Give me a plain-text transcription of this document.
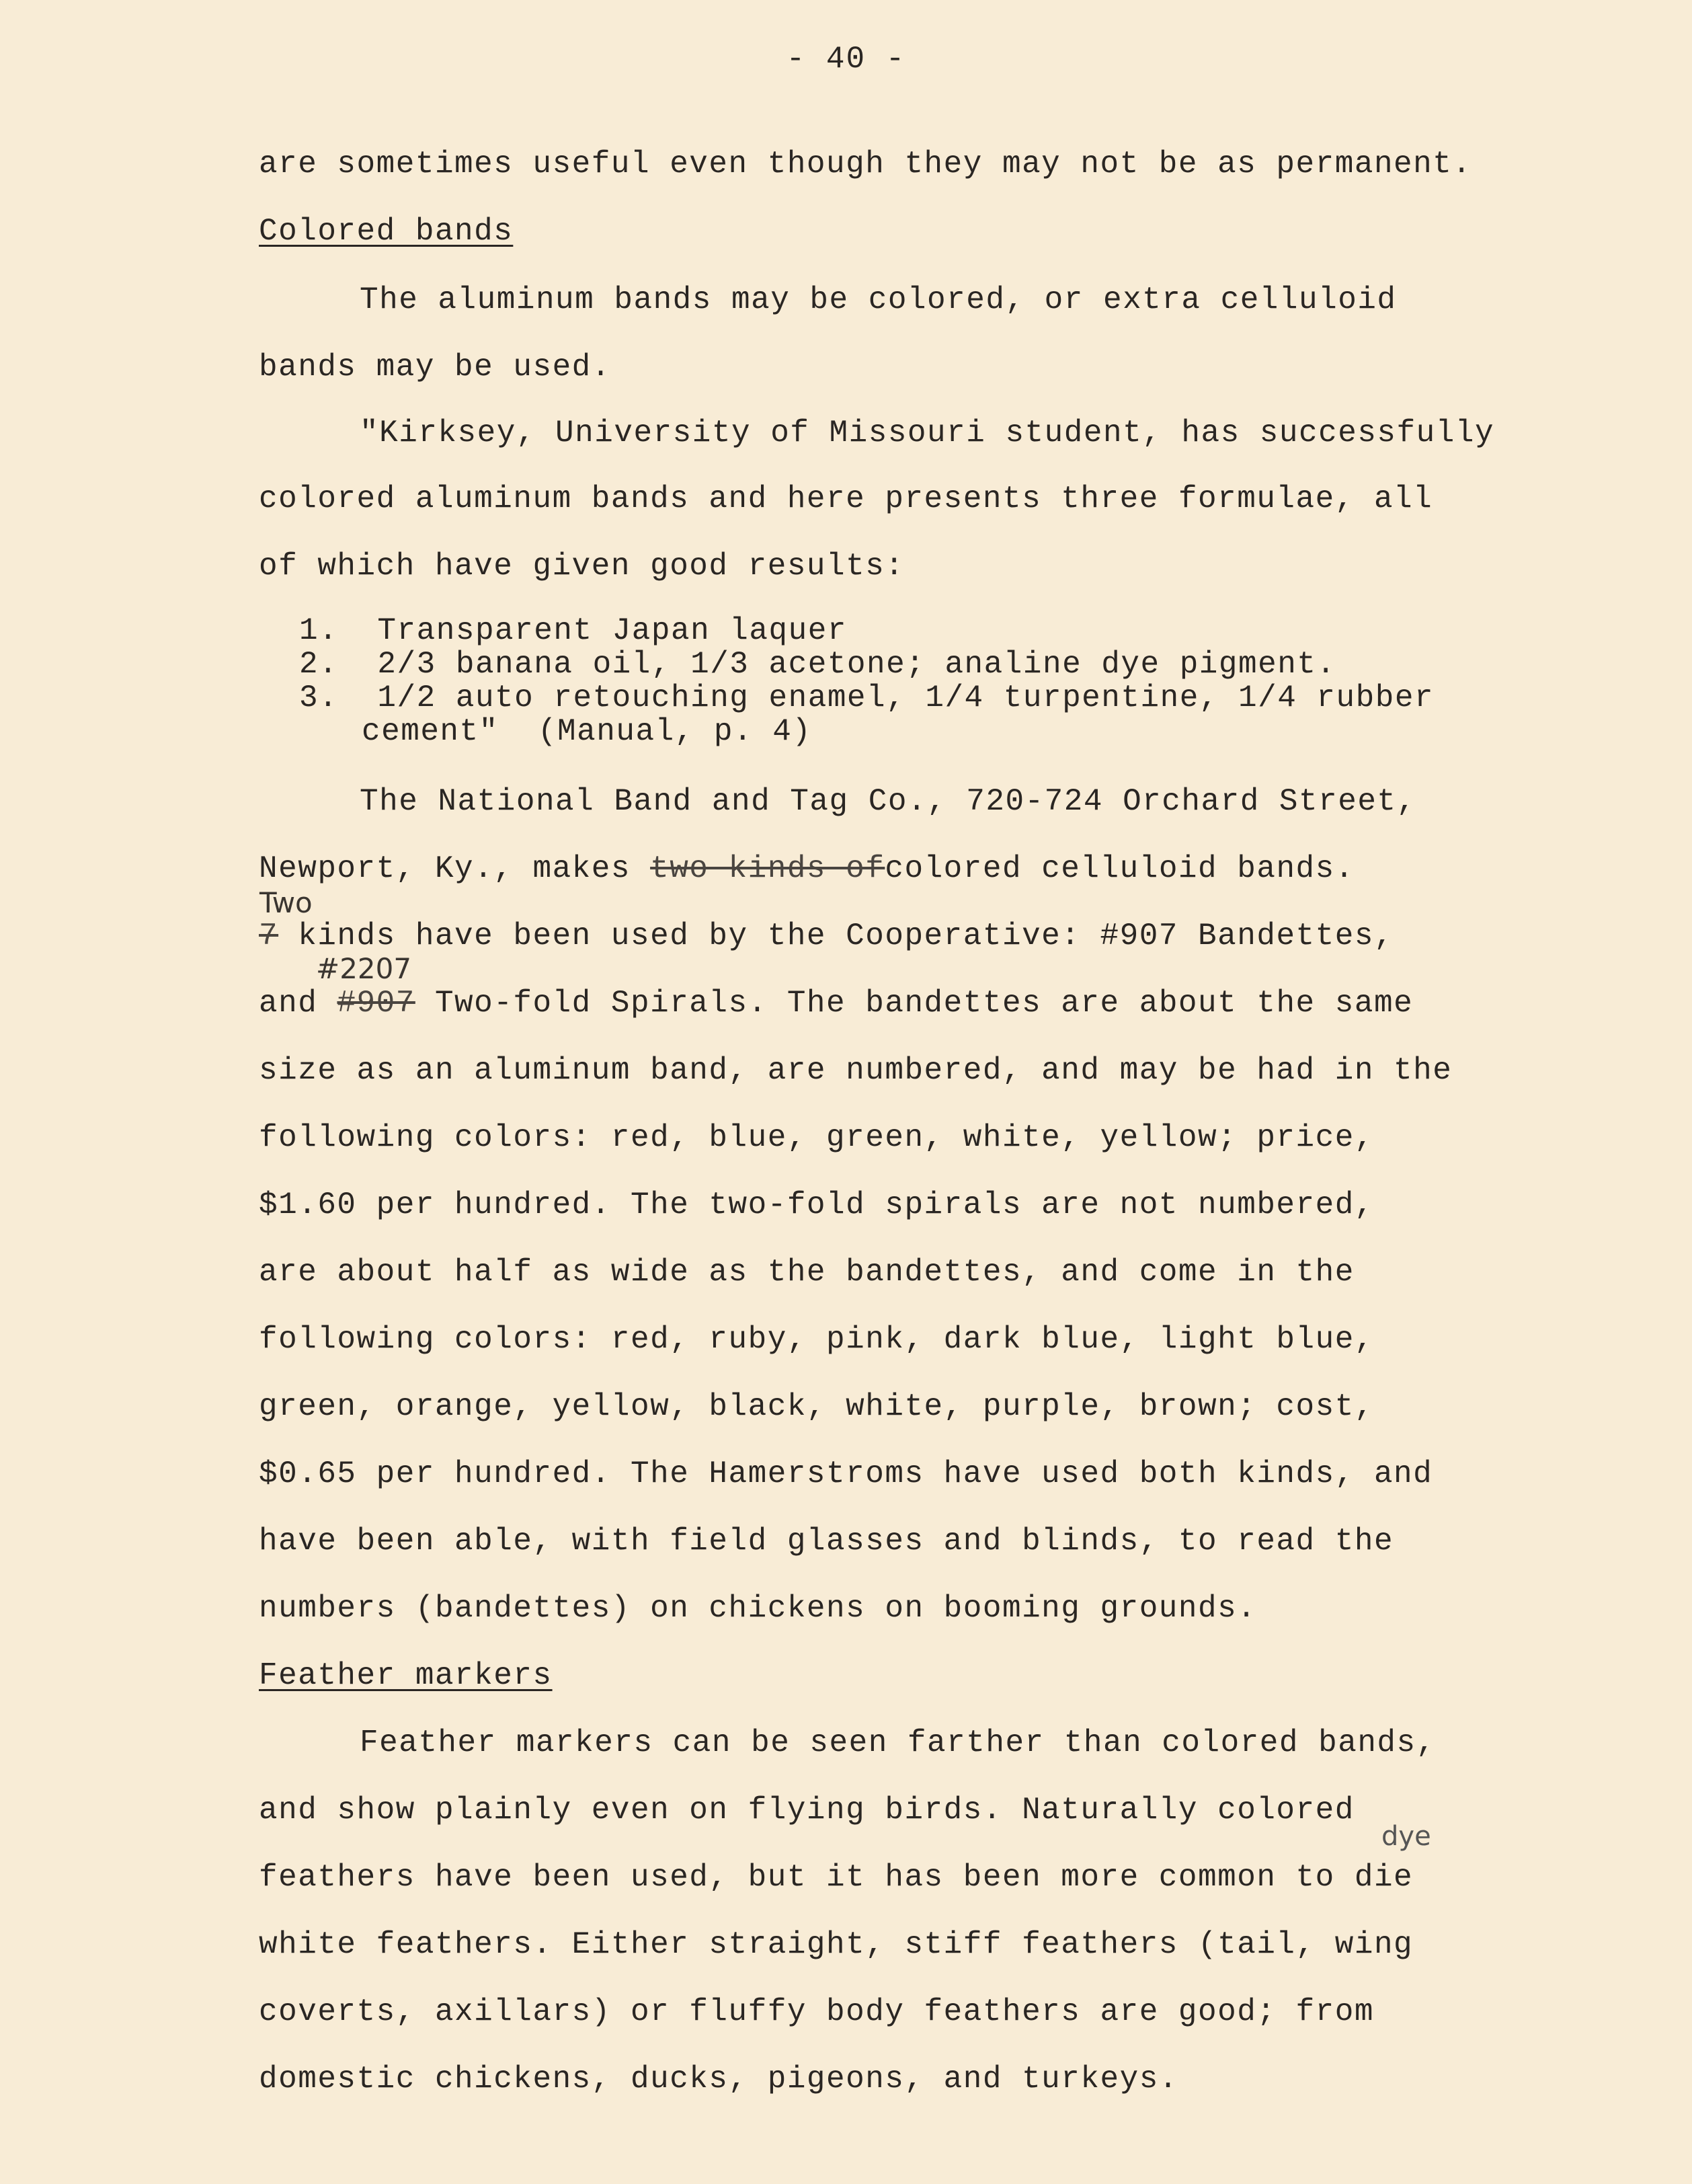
- 40 -
are sometimes useful even though they may not be as permanent.
Colored bands
The aluminum bands may be colored, or extra celluloid
bands may be used.
"Kirksey, University of Missouri student, has successfully
colored aluminum bands and here presents three formulae, all
of which have given good results:
1.  Transparent Japan laquer
2.  2/3 banana oil, 1/3 acetone; analine dye pigment.
3.  1/2 auto retouching enamel, 1/4 turpentine, 1/4 rubber
cement"  (Manual, p. 4)
The National Band and Tag Co., 720-724 Orchard Street,
Newport, Ky., makes two kinds ofcolored celluloid bands.
Two
7 kinds have been used by the Cooperative: #907 Bandettes,
#2207
and #907 Two-fold Spirals. The bandettes are about the same
size as an aluminum band, are numbered, and may be had in the
following colors: red, blue, green, white, yellow; price,
$1.60 per hundred. The two-fold spirals are not numbered,
are about half as wide as the bandettes, and come in the
following colors: red, ruby, pink, dark blue, light blue,
green, orange, yellow, black, white, purple, brown; cost,
$0.65 per hundred. The Hamerstroms have used both kinds, and
have been able, with field glasses and blinds, to read the
numbers (bandettes) on chickens on booming grounds.
Feather markers
Feather markers can be seen farther than colored bands,
and show plainly even on flying birds. Naturally colored
dye
feathers have been used, but it has been more common to die
white feathers. Either straight, stiff feathers (tail, wing
coverts, axillars) or fluffy body feathers are good; from
domestic chickens, ducks, pigeons, and turkeys.
